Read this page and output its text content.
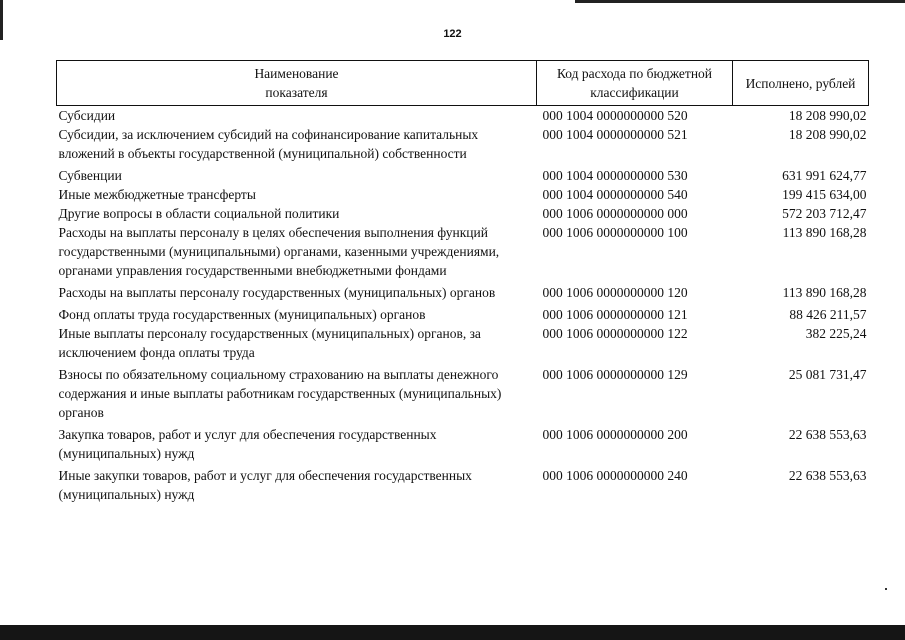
122
Наименование показателя	Код расхода по бюджетной классификации	Исполнено, рублей
Субсидии	000 1004 0000000000 520	18 208 990,02
Субсидии, за исключением субсидий на софинансирование капитальных вложений в объекты государственной (муниципальной) собственности	000 1004 0000000000 521	18 208 990,02
Субвенции	000 1004 0000000000 530	631 991 624,77
Иные межбюджетные трансферты	000 1004 0000000000 540	199 415 634,00
Другие вопросы в области социальной политики	000 1006 0000000000 000	572 203 712,47
Расходы на выплаты персоналу в целях обеспечения выполнения функций государственными (муниципальными) органами, казенными учреждениями, органами управления государственными внебюджетными фондами	000 1006 0000000000 100	113 890 168,28
Расходы на выплаты персоналу государственных (муниципальных) органов	000 1006 0000000000 120	113 890 168,28
Фонд оплаты труда государственных (муниципальных) органов	000 1006 0000000000 121	88 426 211,57
Иные выплаты персоналу государственных (муниципальных) органов, за исключением фонда оплаты труда	000 1006 0000000000 122	382 225,24
Взносы по обязательному социальному страхованию на выплаты денежного содержания и иные выплаты работникам государственных (муниципальных) органов	000 1006 0000000000 129	25 081 731,47
Закупка товаров, работ и услуг для обеспечения государственных (муниципальных) нужд	000 1006 0000000000 200	22 638 553,63
Иные закупки товаров, работ и услуг для обеспечения государственных (муниципальных) нужд	000 1006 0000000000 240	22 638 553,63
